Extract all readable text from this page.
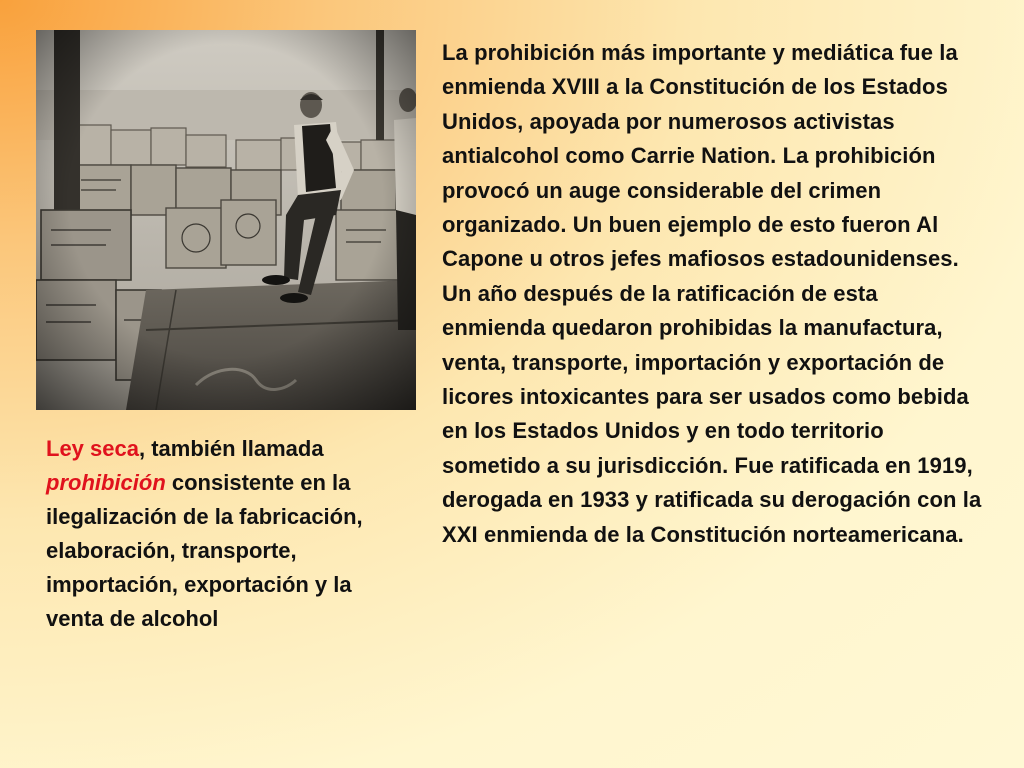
Ley seca, también llamada prohibición consistente en la ilegalización de la fabricación, elaboración, transporte, importación, exportación y la venta de alcohol
La prohibición más importante y mediática fue la enmienda XVIII a la Constitución de los Estados Unidos, apoyada por numerosos activistas antialcohol como Carrie Nation. La prohibición provocó un auge considerable del crimen organizado. Un buen ejemplo de esto fueron Al Capone u otros jefes mafiosos estadounidenses. Un año después de la ratificación de esta enmienda quedaron prohibidas la manufactura, venta, transporte, importación y exportación de licores intoxicantes para ser usados como bebida en los Estados Unidos y en todo territorio sometido a su jurisdicción. Fue ratificada en 1919, derogada en 1933 y ratificada su derogación con la XXI enmienda de la Constitución norteamericana.
